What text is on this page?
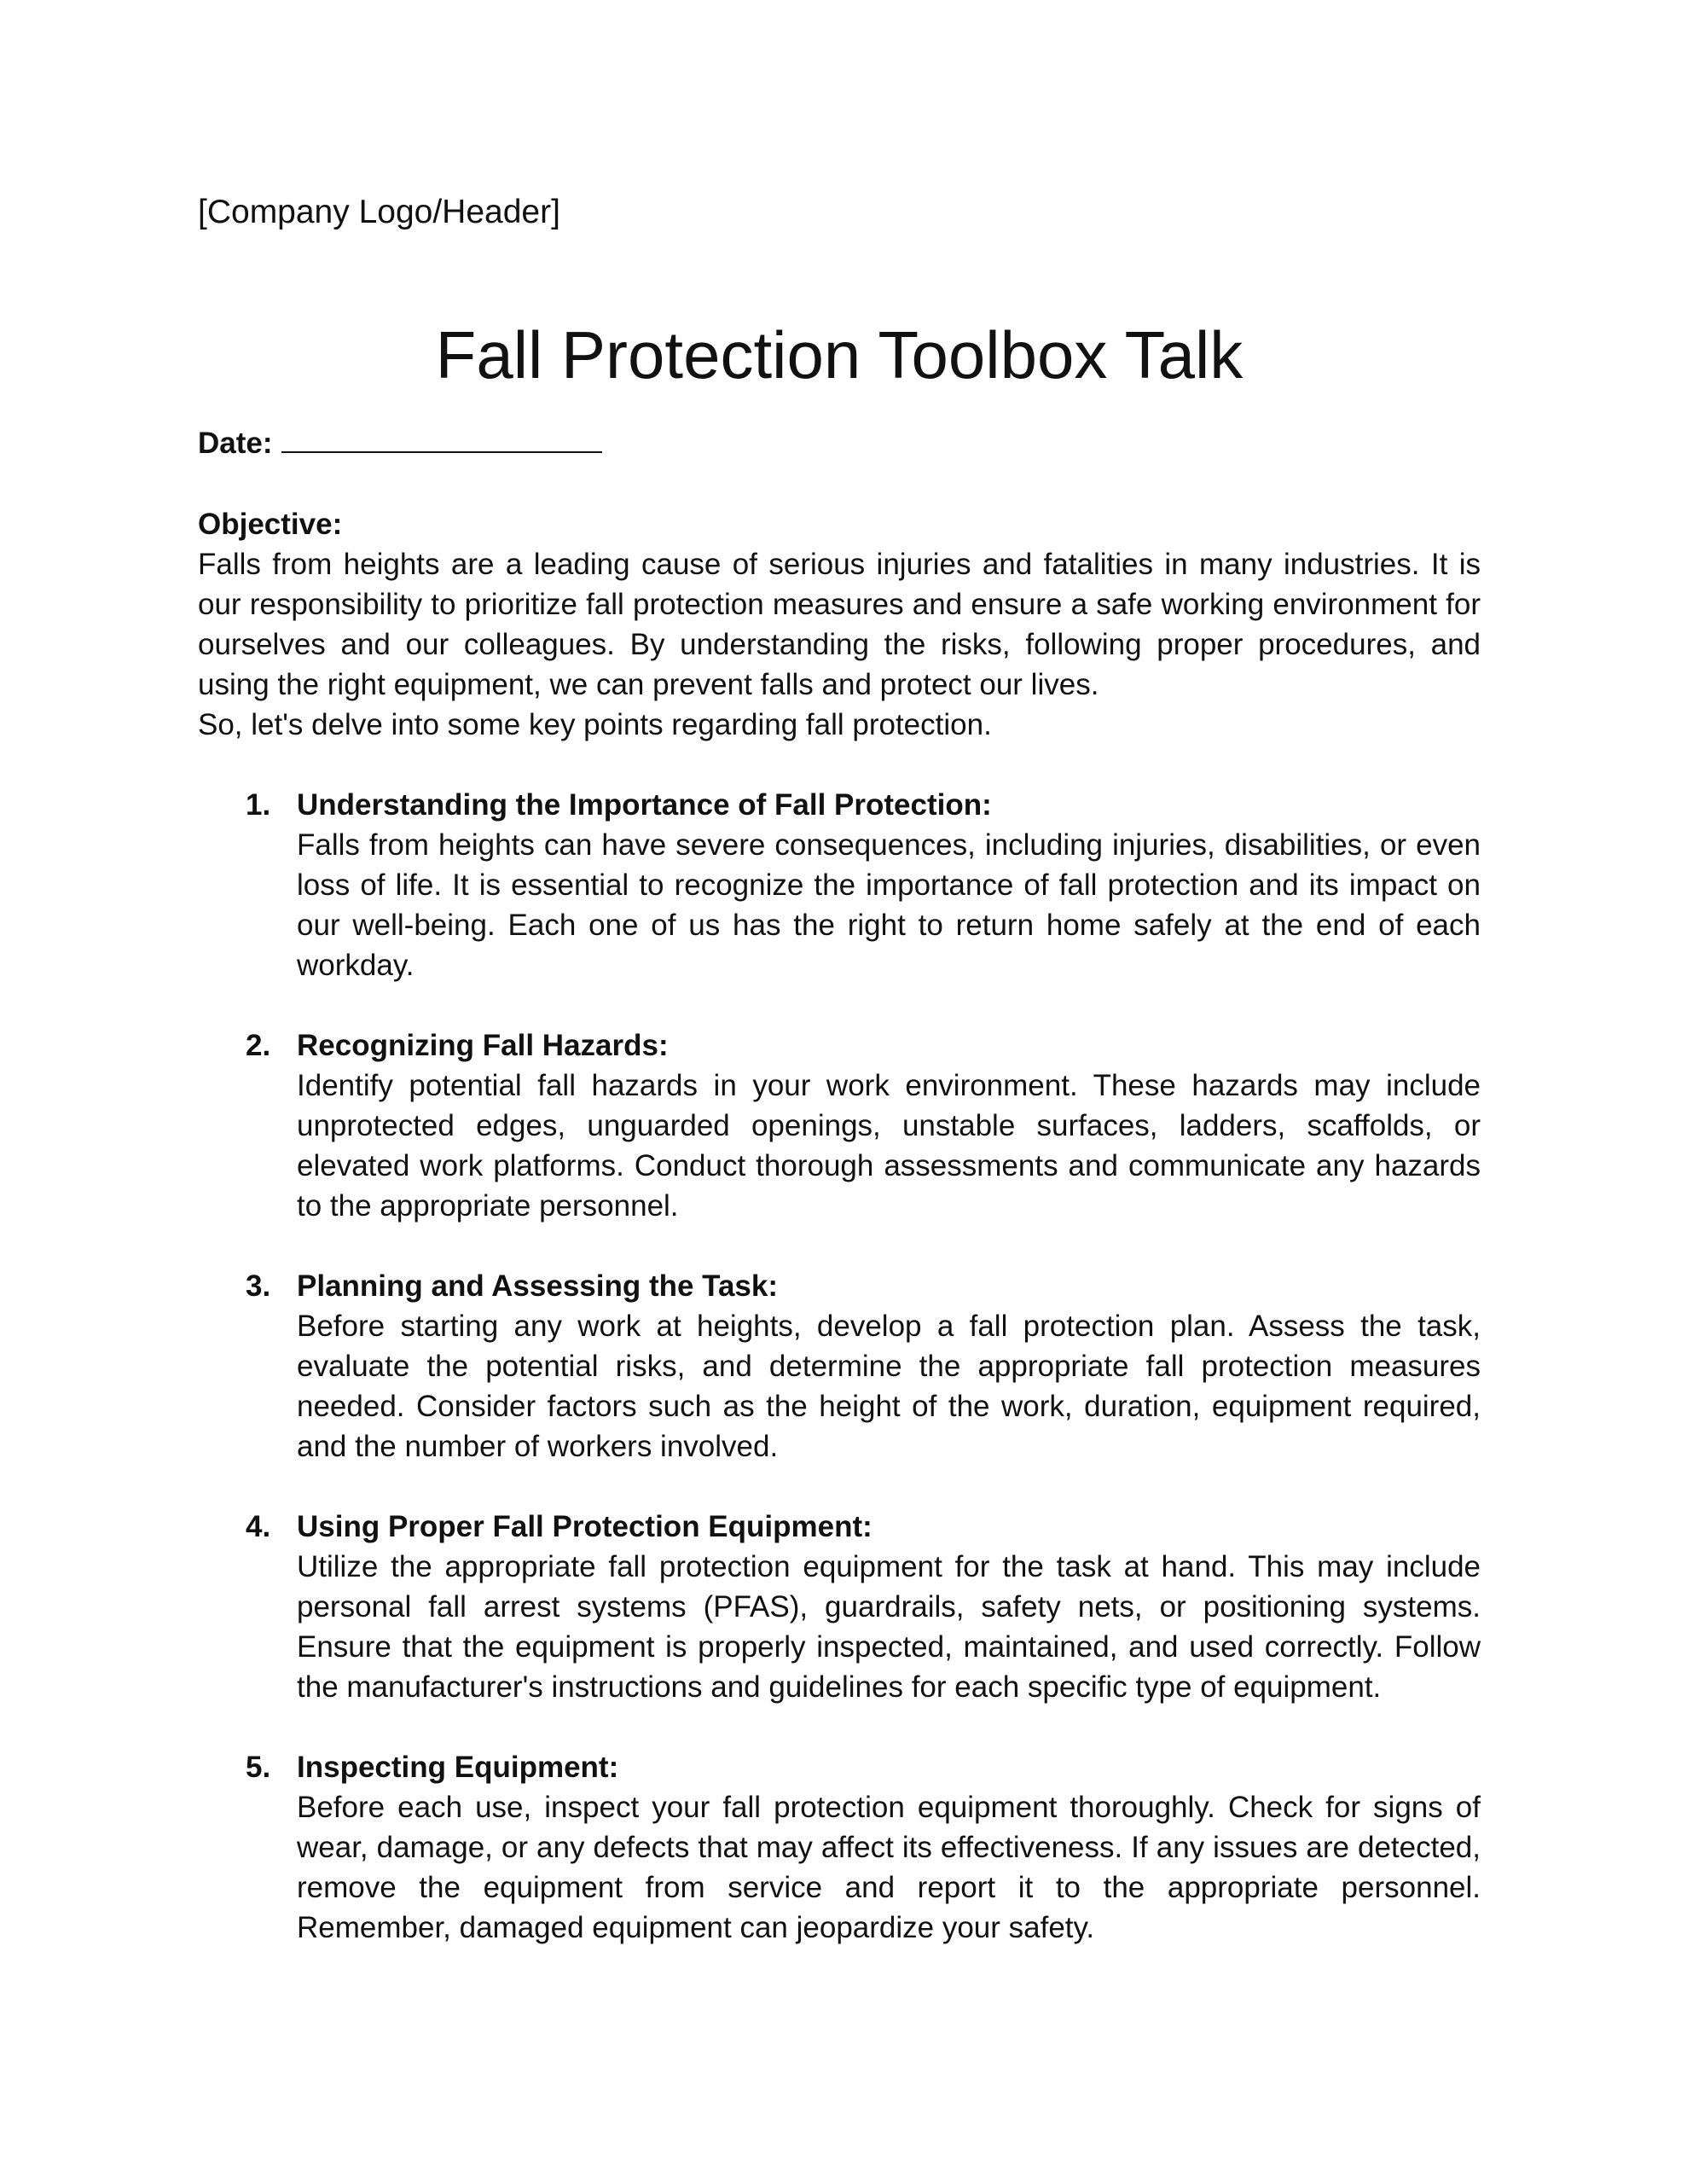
[Company Logo/Header]

Fall Protection Toolbox Talk
Date:
Objective:

Falls from heights are a leading cause of serious injuries and fatalities in many industries. It is our responsibility to prioritize fall protection measures and ensure a safe working environment for ourselves and our colleagues. By understanding the risks, following proper procedures, and using the right equipment, we can prevent falls and protect our lives.

So, let's delve into some key points regarding fall protection.

1. Understanding the Importance of Fall Protection:

Falls from heights can have severe consequences, including injuries, disabilities, or even loss of life. It is essential to recognize the importance of fall protection and its impact on our well-being. Each one of us has the right to return home safely at the end of each workday.

2. Recognizing Fall Hazards:

Identify potential fall hazards in your work environment. These hazards may include unprotected edges, unguarded openings, unstable surfaces, ladders, scaffolds, or elevated work platforms. Conduct thorough assessments and communicate any hazards to the appropriate personnel.

3. Planning and Assessing the Task:

Before starting any work at heights, develop a fall protection plan. Assess the task, evaluate the potential risks, and determine the appropriate fall protection measures needed. Consider factors such as the height of the work, duration, equipment required, and the number of workers involved.

4. Using Proper Fall Protection Equipment:

Utilize the appropriate fall protection equipment for the task at hand. This may include personal fall arrest systems (PFAS), guardrails, safety nets, or positioning systems. Ensure that the equipment is properly inspected, maintained, and used correctly. Follow the manufacturer's instructions and guidelines for each specific type of equipment.

5. Inspecting Equipment:

Before each use, inspect your fall protection equipment thoroughly. Check for signs of wear, damage, or any defects that may affect its effectiveness. If any issues are detected, remove the equipment from service and report it to the appropriate personnel. Remember, damaged equipment can jeopardize your safety.
